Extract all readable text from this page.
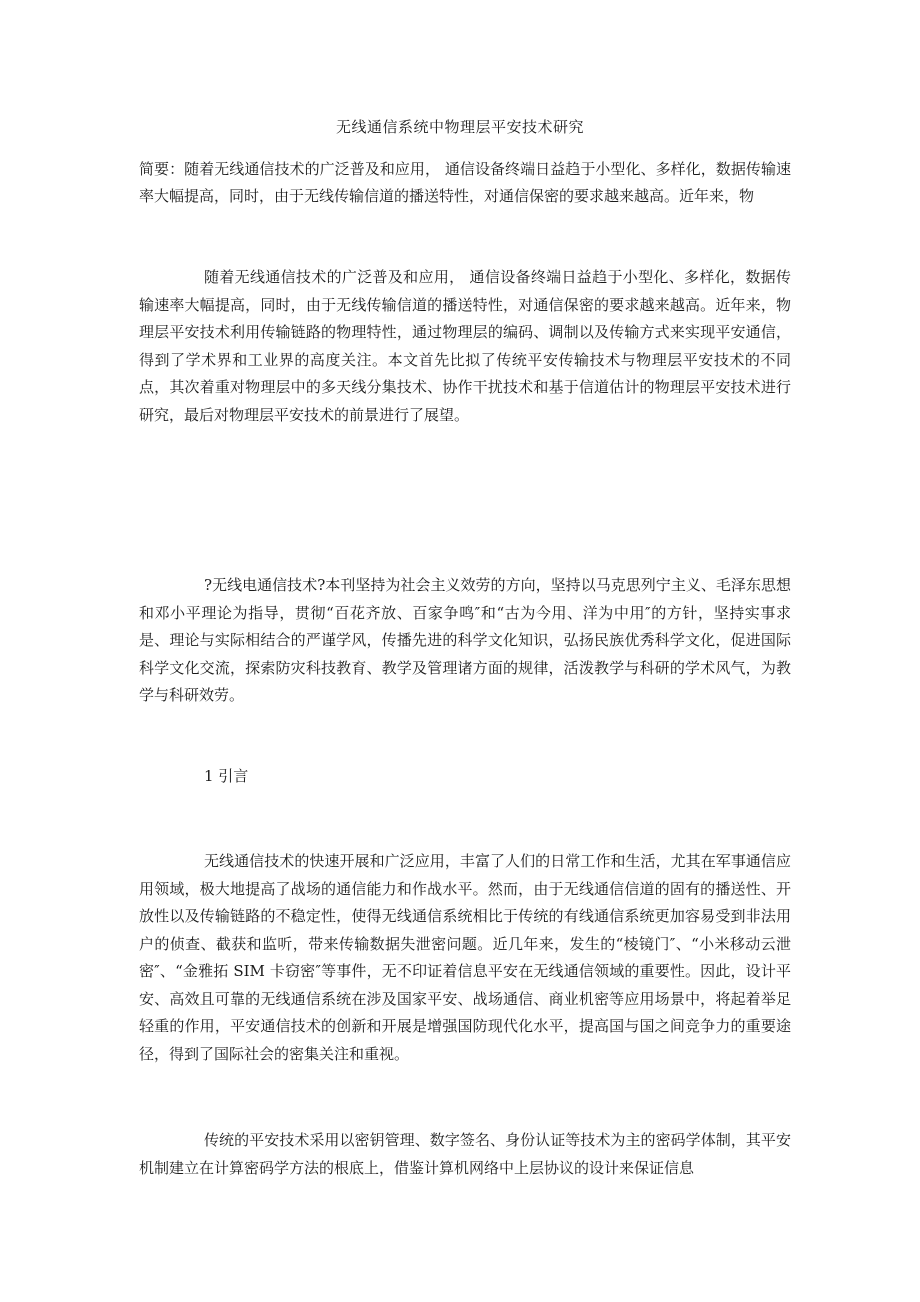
无线通信系统中物理层平安技术研究

简要：随着无线通信技术的广泛普及和应用， 通信设备终端日益趋于小型化、多样化，数据传输速率大幅提高，同时，由于无线传输信道的播送特性，对通信保密的要求越来越高。近年来，物

随着无线通信技术的广泛普及和应用， 通信设备终端日益趋于小型化、多样化，数据传输速率大幅提高，同时，由于无线传输信道的播送特性，对通信保密的要求越来越高。近年来，物理层平安技术利用传输链路的物理特性，通过物理层的编码、调制以及传输方式来实现平安通信，得到了学术界和工业界的高度关注。本文首先比拟了传统平安传输技术与物理层平安技术的不同点，其次着重对物理层中的多天线分集技术、协作干扰技术和基于信道估计的物理层平安技术进行研究，最后对物理层平安技术的前景进行了展望。

?无线电通信技术?本刊坚持为社会主义效劳的方向，坚持以马克思列宁主义、毛泽东思想和邓小平理论为指导，贯彻“百花齐放、百家争鸣″和“古为今用、洋为中用″的方针，坚持实事求是、理论与实际相结合的严谨学风，传播先进的科学文化知识，弘扬民族优秀科学文化，促进国际科学文化交流，探索防灾科技教育、教学及管理诸方面的规律，活泼教学与科研的学术风气，为教学与科研效劳。

1 引言

无线通信技术的快速开展和广泛应用，丰富了人们的日常工作和生活，尤其在军事通信应用领域，极大地提高了战场的通信能力和作战水平。然而，由于无线通信信道的固有的播送性、开放性以及传输链路的不稳定性，使得无线通信系统相比于传统的有线通信系统更加容易受到非法用户的侦查、截获和监听，带来传输数据失泄密问题。近几年来，发生的“棱镜门″、“小米移动云泄密″、“金雅拓 SIM 卡窃密″等事件，无不印证着信息平安在无线通信领域的重要性。因此，设计平安、高效且可靠的无线通信系统在涉及国家平安、战场通信、商业机密等应用场景中，将起着举足轻重的作用，平安通信技术的创新和开展是增强国防现代化水平，提高国与国之间竞争力的重要途径，得到了国际社会的密集关注和重视。

传统的平安技术采用以密钥管理、数字签名、身份认证等技术为主的密码学体制，其平安机制建立在计算密码学方法的根底上，借鉴计算机网络中上层协议的设计来保证信息
